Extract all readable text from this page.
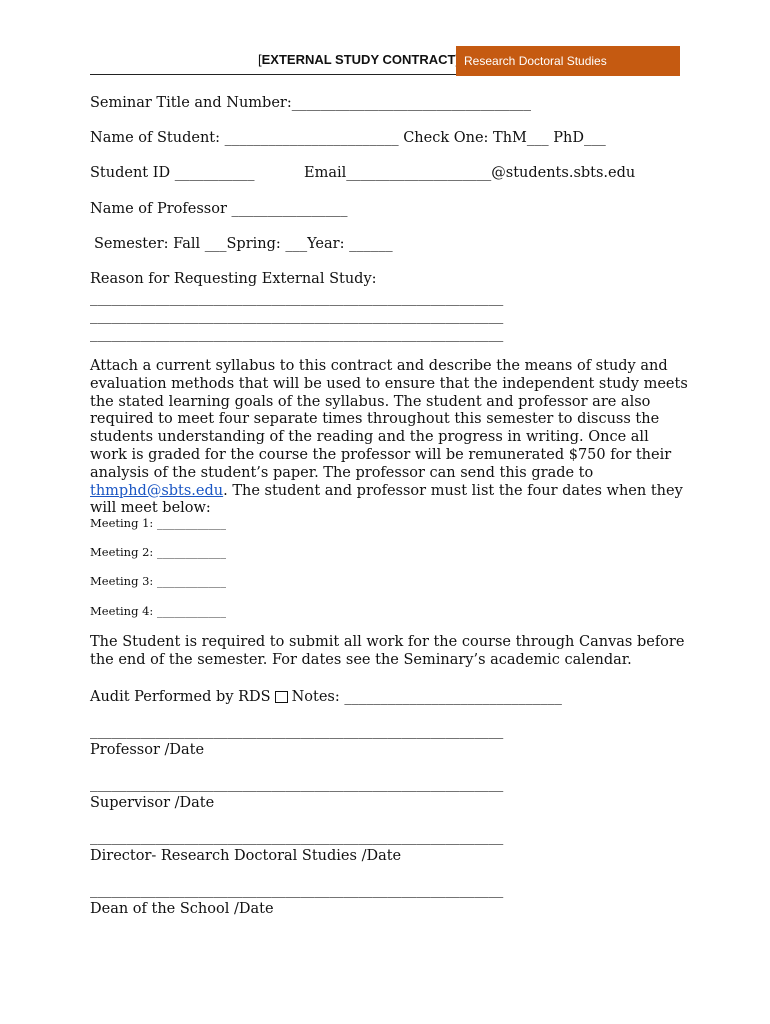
[EXTERNAL STUDY CONTRACT Research Doctoral Studies
Seminar Title and Number:_________________________________
Name of Student: ________________________ Check One: ThM___ PhD___
Student ID ___________	Email____________________@students.sbts.edu
Name of Professor ________________
Semester: Fall ___Spring: ___Year: ______
Reason for Requesting External Study:
_________________________________________________________
_________________________________________________________
_________________________________________________________
Attach a current syllabus to this contract and describe the means of study and evaluation methods that will be used to ensure that the independent study meets the stated learning goals of the syllabus. The student and professor are also required to meet four separate times throughout this semester to discuss the students understanding of the reading and the progress in writing. Once all work is graded for the course the professor will be remunerated $750 for their analysis of the student’s paper. The professor can send this grade to thmphd@sbts.edu. The student and professor must list the four dates when they will meet below:
Meeting 1: ____________
Meeting 2: ____________
Meeting 3: ____________
Meeting 4: ____________
The Student is required to submit all work for the course through Canvas before the end of the semester. For dates see the Seminary’s academic calendar.
Audit Performed by RDS Notes: ______________________________
_________________________________________________________
Professor /Date
_________________________________________________________
Supervisor /Date
_________________________________________________________
Director- Research Doctoral Studies /Date
_________________________________________________________
Dean of the School /Date
